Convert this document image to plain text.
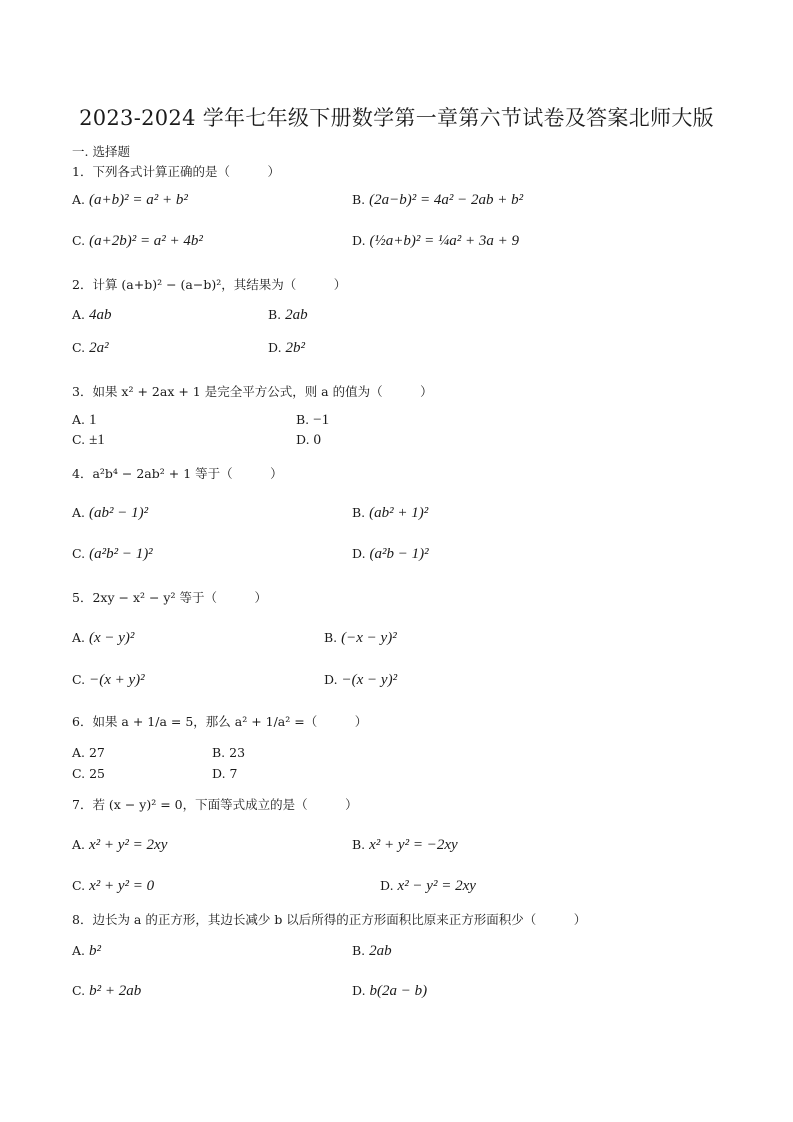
2023-2024 学年七年级下册数学第一章第六节试卷及答案北师大版
一. 选择题
1．下列各式计算正确的是（　　　）
A. (a+b)² = a² + b²	B. (2a−b)² = 4a² − 2ab + b²
C. (a+2b)² = a² + 4b²	D. (½a+b)² = ¼a² + 3a + 9
2．计算 (a+b)² − (a−b)²，其结果为（　　　）
A. 4ab	B. 2ab
C. 2a²	D. 2b²
3．如果 x² + 2ax + 1 是完全平方公式，则 a 的值为（　　　）
A. 1	B. −1
C. ±1	D. 0
4．a²b⁴ − 2ab² + 1 等于（　　　）
A. (ab² − 1)²	B. (ab² + 1)²
C. (a²b² − 1)²	D. (a²b − 1)²
5．2xy − x² − y² 等于（　　　）
A. (x − y)²	B. (−x − y)²
C. −(x + y)²	D. −(x − y)²
6．如果 a + 1/a = 5，那么 a² + 1/a² =（　　　）
A. 27	B. 23
C. 25	D. 7
7．若 (x − y)² = 0，下面等式成立的是（　　　）
A. x² + y² = 2xy	B. x² + y² = −2xy
C. x² + y² = 0	D. x² − y² = 2xy
8．边长为 a 的正方形，其边长减少 b 以后所得的正方形面积比原来正方形面积少（　　　）
A. b²	B. 2ab
C. b² + 2ab	D. b(2a − b)
